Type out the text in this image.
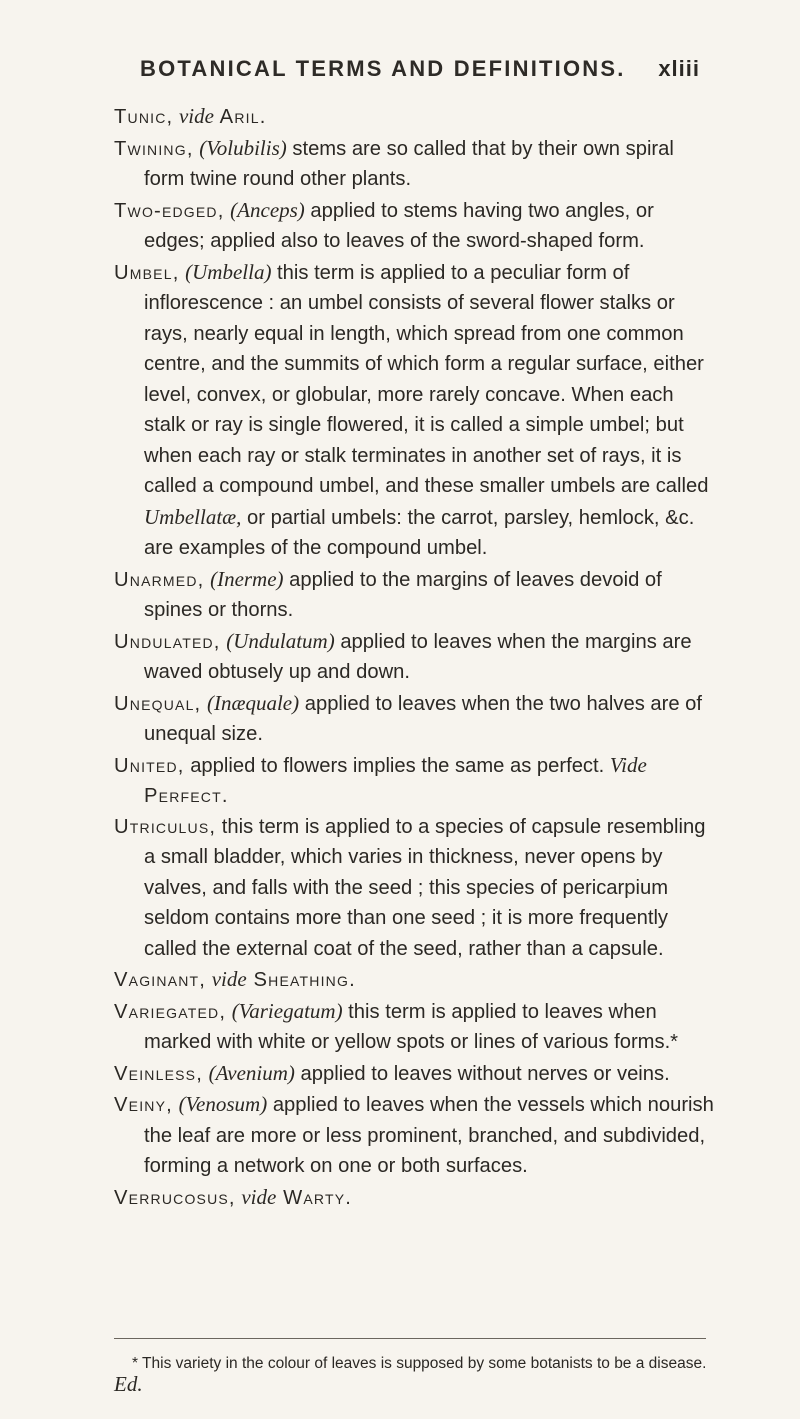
BOTANICAL TERMS AND DEFINITIONS. xliii

Tunic, vide Aril.

Twining, (Volubilis) stems are so called that by their own spiral form twine round other plants.

Two-edged, (Anceps) applied to stems having two angles, or edges; applied also to leaves of the sword-shaped form.

Umbel, (Umbella) this term is applied to a peculiar form of inflorescence : an umbel consists of several flower stalks or rays, nearly equal in length, which spread from one common centre, and the summits of which form a regular surface, either level, convex, or globular, more rarely concave. When each stalk or ray is single flowered, it is called a simple umbel; but when each ray or stalk terminates in another set of rays, it is called a compound umbel, and these smaller umbels are called Umbellatæ, or partial umbels: the carrot, parsley, hemlock, &c. are examples of the compound umbel.

Unarmed, (Inerme) applied to the margins of leaves devoid of spines or thorns.

Undulated, (Undulatum) applied to leaves when the margins are waved obtusely up and down.

Unequal, (Inæquale) applied to leaves when the two halves are of unequal size.

United, applied to flowers implies the same as perfect. Vide Perfect.

Utriculus, this term is applied to a species of capsule resembling a small bladder, which varies in thickness, never opens by valves, and falls with the seed ; this species of pericarpium seldom contains more than one seed ; it is more frequently called the external coat of the seed, rather than a capsule.

Vaginant, vide Sheathing.

Variegated, (Variegatum) this term is applied to leaves when marked with white or yellow spots or lines of various forms.*

Veinless, (Avenium) applied to leaves without nerves or veins.

Veiny, (Venosum) applied to leaves when the vessels which nourish the leaf are more or less prominent, branched, and subdivided, forming a network on one or both surfaces.

Verrucosus, vide Warty.

* This variety in the colour of leaves is supposed by some botanists to be a disease. Ed.
